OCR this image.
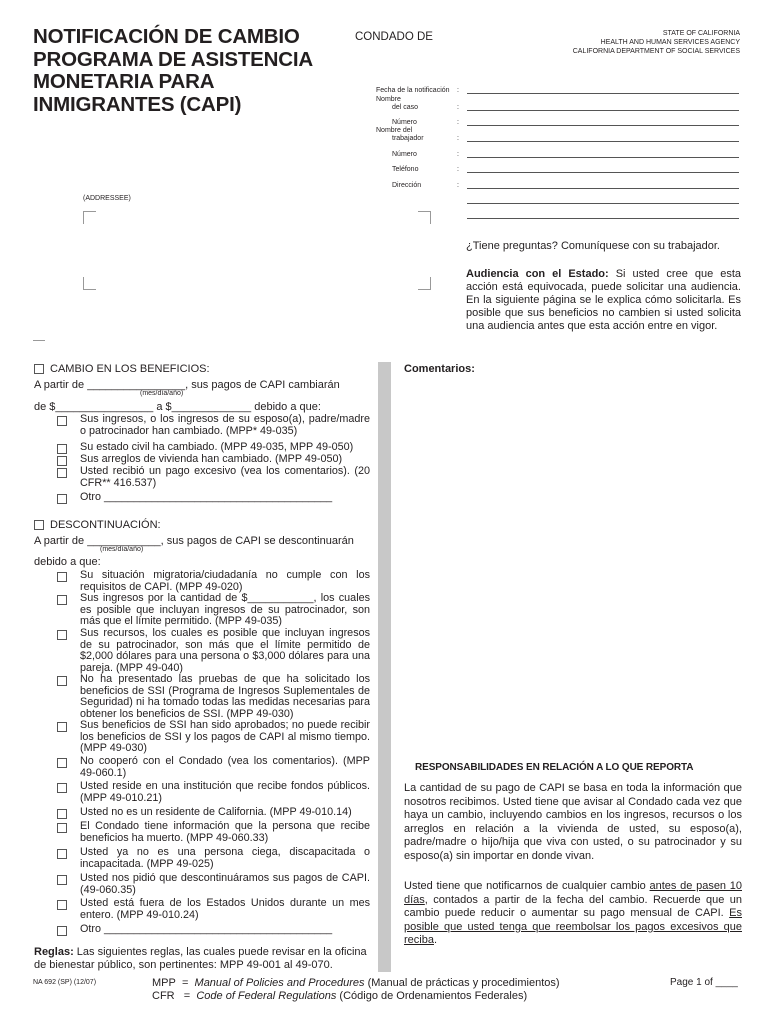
NOTIFICACIÓN DE CAMBIO
PROGRAMA DE ASISTENCIA
MONETARIA PARA
INMIGRANTES (CAPI)
CONDADO DE	STATE OF CALIFORNIA
HEALTH AND HUMAN SERVICES AGENCY
CALIFORNIA DEPARTMENT OF SOCIAL SERVICES
Fecha de la notificación :
Nombre
del caso	:
Número	:
Nombre del
trabajador	:
Número	:
Teléfono	:
Dirección	:
(ADDRESSEE)
¿Tiene preguntas? Comuníquese con su trabajador.
Audiencia con el Estado: Si usted cree que esta acción está equivocada, puede solicitar una audiencia. En la siguiente página se le explica cómo solicitarla. Es posible que sus beneficios no cambien si usted solicita una audiencia antes que esta acción entre en vigor.
CAMBIO EN LOS BENEFICIOS:
A partir de ________________, sus pagos de CAPI cambiarán
(mes/día/año)
de $________________ a $_____________ debido a que:
Sus ingresos, o los ingresos de su esposo(a), padre/madre o patrocinador han cambiado. (MPP* 49-035)
Su estado civil ha cambiado. (MPP 49-035, MPP 49-050)
Sus arreglos de vivienda han cambiado. (MPP 49-050)
Usted recibió un pago excesivo (vea los comentarios). (20 CFR** 416.537)
Otro ______________________________________
DESCONTINUACIÓN:
A partir de ____________, sus pagos de CAPI se descontinuarán
(mes/día/año)
debido a que:
Su situación migratoria/ciudadanía no cumple con los requisitos de CAPI. (MPP 49-020)
Sus ingresos por la cantidad de $___________, los cuales es posible que incluyan ingresos de su patrocinador, son más que el límite permitido. (MPP 49-035)
Sus recursos, los cuales es posible que incluyan ingresos de su patrocinador, son más que el límite permitido de $2,000 dólares para una persona o $3,000 dólares para una pareja. (MPP 49-040)
No ha presentado las pruebas de que ha solicitado los beneficios de SSI (Programa de Ingresos Suplementales de Seguridad) ni ha tomado todas las medidas necesarias para obtener los beneficios de SSI. (MPP 49-030)
Sus beneficios de SSI han sido aprobados; no puede recibir los beneficios de SSI y los pagos de CAPI al mismo tiempo. (MPP 49-030)
No cooperó con el Condado (vea los comentarios). (MPP 49-060.1)
Usted reside en una institución que recibe fondos públicos. (MPP 49-010.21)
Usted no es un residente de California. (MPP 49-010.14)
El Condado tiene información que la persona que recibe beneficios ha muerto. (MPP 49-060.33)
Usted ya no es una persona ciega, discapacitada o incapacitada. (MPP 49-025)
Usted nos pidió que descontinuáramos sus pagos de CAPI. (49-060.35)
Usted está fuera de los Estados Unidos durante un mes entero. (MPP 49-010.24)
Otro ______________________________________
Reglas: Las siguientes reglas, las cuales puede revisar en la oficina de bienestar público, son pertinentes: MPP 49-001 al 49-070.
Comentarios:
RESPONSABILIDADES EN RELACIÓN A LO QUE REPORTA
La cantidad de su pago de CAPI se basa en toda la información que nosotros recibimos. Usted tiene que avisar al Condado cada vez que haya un cambio, incluyendo cambios en los ingresos, recursos o los arreglos en relación a la vivienda de usted, su esposo(a), padre/madre o hijo/hija que viva con usted, o su patrocinador y su esposo(a) sin importar en donde vivan.
Usted tiene que notificarnos de cualquier cambio antes de pasen 10 días, contados a partir de la fecha del cambio. Recuerde que un cambio puede reducir o aumentar su pago mensual de CAPI. Es posible que usted tenga que reembolsar los pagos excesivos que reciba.
NA 692 (SP) (12/07)	MPP = Manual of Policies and Procedures (Manual de prácticas y procedimientos)
CFR = Code of Federal Regulations (Código de Ordenamientos Federales)
Page 1 of ____
